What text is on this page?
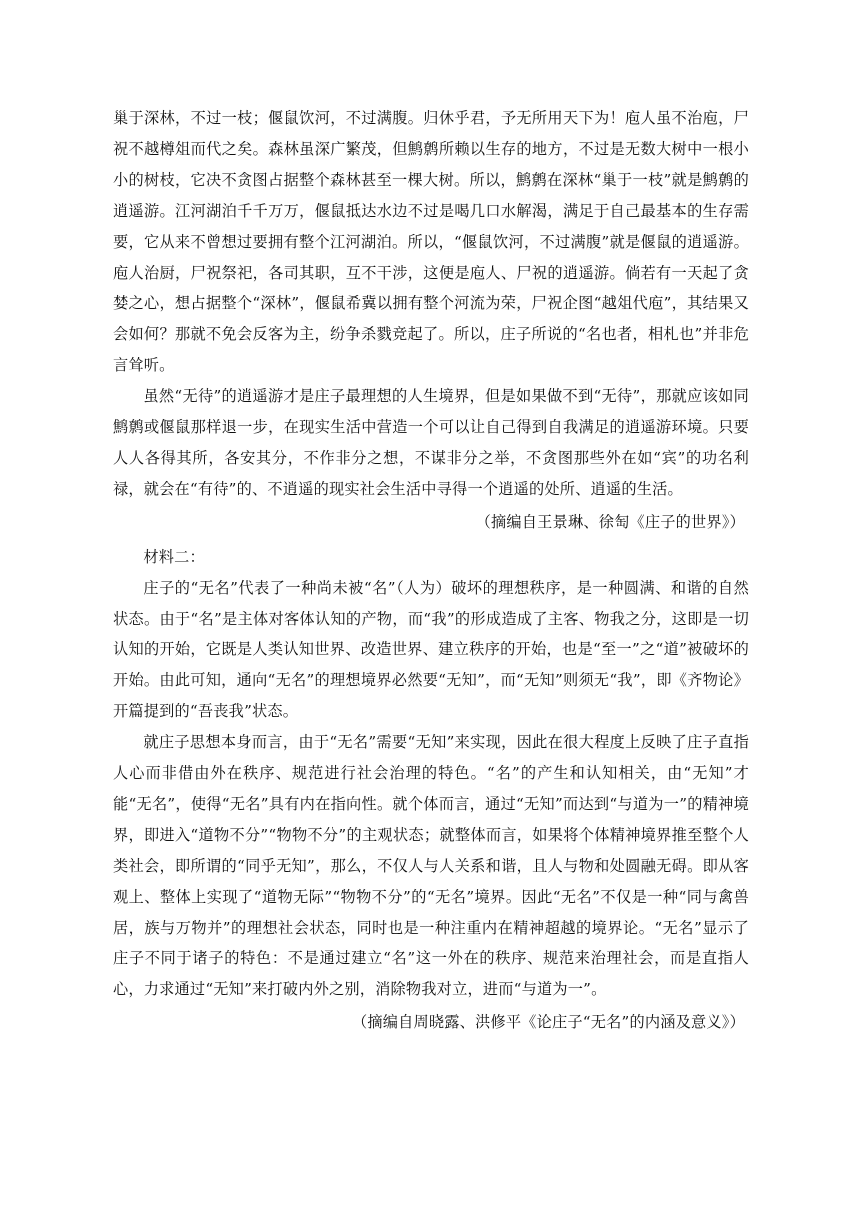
巢于深林，不过一枝；偃鼠饮河，不过满腹。归休乎君，予无所用天下为！庖人虽不治庖，尸祝不越樽俎而代之矣。森林虽深广繁茂，但鹪鹩所赖以生存的地方，不过是无数大树中一根小小的树枝，它决不贪图占据整个森林甚至一棵大树。所以，鹪鹩在深林“巢于一枝”就是鹪鹩的逍遥游。江河湖泊千千万万，偃鼠抵达水边不过是喝几口水解渴，满足于自己最基本的生存需要，它从来不曾想过要拥有整个江河湖泊。所以，“偃鼠饮河，不过满腹”就是偃鼠的逍遥游。庖人治厨，尸祝祭祀，各司其职，互不干涉，这便是庖人、尸祝的逍遥游。倘若有一天起了贪婪之心，想占据整个“深林”，偃鼠希冀以拥有整个河流为荣，尸祝企图“越俎代庖”，其结果又会如何？那就不免会反客为主，纷争杀戮竞起了。所以，庄子所说的“名也者，相札也”并非危言耸听。

虽然“无待”的逍遥游才是庄子最理想的人生境界，但是如果做不到“无待”，那就应该如同鹪鹩或偃鼠那样退一步，在现实生活中营造一个可以让自己得到自我满足的逍遥游环境。只要人人各得其所，各安其分，不作非分之想，不谋非分之举，不贪图那些外在如“宾”的功名利禄，就会在“有待”的、不逍遥的现实社会生活中寻得一个逍遥的处所、逍遥的生活。

（摘编自王景琳、徐匋《庄子的世界》）

材料二：

庄子的“无名”代表了一种尚未被“名”（人为）破坏的理想秩序，是一种圆满、和谐的自然状态。由于“名”是主体对客体认知的产物，而“我”的形成造成了主客、物我之分，这即是一切认知的开始，它既是人类认知世界、改造世界、建立秩序的开始，也是“至一”之“道”被破坏的开始。由此可知，通向“无名”的理想境界必然要“无知”，而“无知”则须无“我”，即《齐物论》开篇提到的“吾丧我”状态。

就庄子思想本身而言，由于“无名”需要“无知”来实现，因此在很大程度上反映了庄子直指人心而非借由外在秩序、规范进行社会治理的特色。“名”的产生和认知相关，由“无知”才能“无名”，使得“无名”具有内在指向性。就个体而言，通过“无知”而达到“与道为一”的精神境界，即进入“道物不分”“物物不分”的主观状态；就整体而言，如果将个体精神境界推至整个人类社会，即所谓的“同乎无知”，那么，不仅人与人关系和谐，且人与物和处圆融无碍。即从客观上、整体上实现了“道物无际”“物物不分”的“无名”境界。因此“无名”不仅是一种“同与禽兽居，族与万物并”的理想社会状态，同时也是一种注重内在精神超越的境界论。“无名”显示了庄子不同于诸子的特色：不是通过建立“名”这一外在的秩序、规范来治理社会，而是直指人心，力求通过“无知”来打破内外之别，消除物我对立，进而“与道为一”。

（摘编自周晓露、洪修平《论庄子“无名”的内涵及意义》）
